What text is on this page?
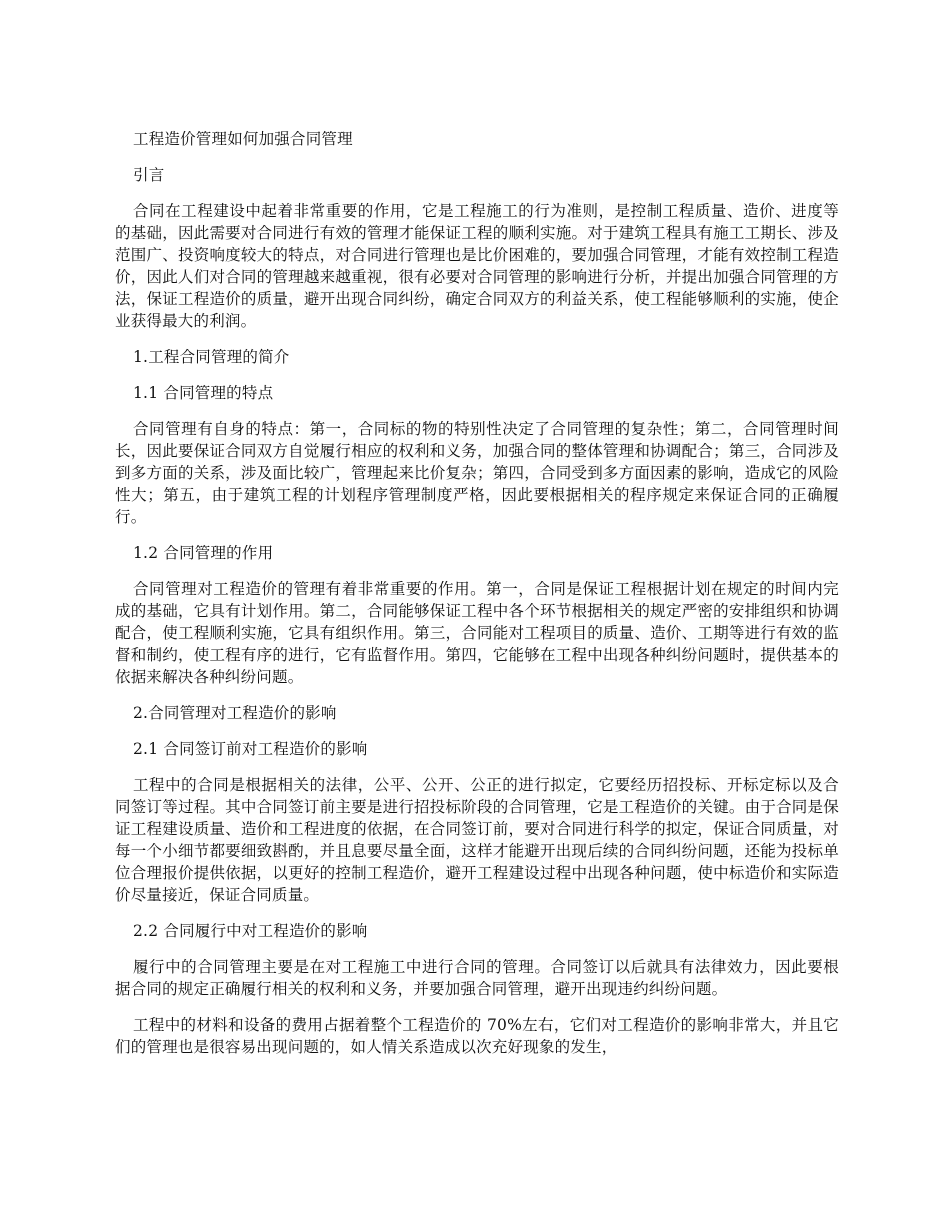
工程造价管理如何加强合同管理
引言
合同在工程建设中起着非常重要的作用，它是工程施工的行为准则，是控制工程质量、造价、进度等的基础，因此需要对合同进行有效的管理才能保证工程的顺利实施。对于建筑工程具有施工工期长、涉及范围广、投资响度较大的特点，对合同进行管理也是比价困难的，要加强合同管理，才能有效控制工程造价，因此人们对合同的管理越来越重视，很有必要对合同管理的影响进行分析，并提出加强合同管理的方法，保证工程造价的质量，避开出现合同纠纷，确定合同双方的利益关系，使工程能够顺利的实施，使企业获得最大的利润。
1.工程合同管理的简介
1.1 合同管理的特点
合同管理有自身的特点：第一，合同标的物的特别性决定了合同管理的复杂性；第二，合同管理时间长，因此要保证合同双方自觉履行相应的权利和义务，加强合同的整体管理和协调配合；第三，合同涉及到多方面的关系，涉及面比较广，管理起来比价复杂；第四，合同受到多方面因素的影响，造成它的风险性大；第五，由于建筑工程的计划程序管理制度严格，因此要根据相关的程序规定来保证合同的正确履行。
1.2 合同管理的作用
合同管理对工程造价的管理有着非常重要的作用。第一，合同是保证工程根据计划在规定的时间内完成的基础，它具有计划作用。第二，合同能够保证工程中各个环节根据相关的规定严密的安排组织和协调配合，使工程顺利实施，它具有组织作用。第三，合同能对工程项目的质量、造价、工期等进行有效的监督和制约，使工程有序的进行，它有监督作用。第四，它能够在工程中出现各种纠纷问题时，提供基本的依据来解决各种纠纷问题。
2.合同管理对工程造价的影响
2.1 合同签订前对工程造价的影响
工程中的合同是根据相关的法律，公平、公开、公正的进行拟定，它要经历招投标、开标定标以及合同签订等过程。其中合同签订前主要是进行招投标阶段的合同管理，它是工程造价的关键。由于合同是保证工程建设质量、造价和工程进度的依据，在合同签订前，要对合同进行科学的拟定，保证合同质量，对每一个小细节都要细致斟酌，并且息要尽量全面，这样才能避开出现后续的合同纠纷问题，还能为投标单位合理报价提供依据，以更好的控制工程造价，避开工程建设过程中出现各种问题，使中标造价和实际造价尽量接近，保证合同质量。
2.2 合同履行中对工程造价的影响
履行中的合同管理主要是在对工程施工中进行合同的管理。合同签订以后就具有法律效力，因此要根据合同的规定正确履行相关的权利和义务，并要加强合同管理，避开出现违约纠纷问题。
工程中的材料和设备的费用占据着整个工程造价的 70%左右，它们对工程造价的影响非常大，并且它们的管理也是很容易出现问题的，如人情关系造成以次充好现象的发生，
